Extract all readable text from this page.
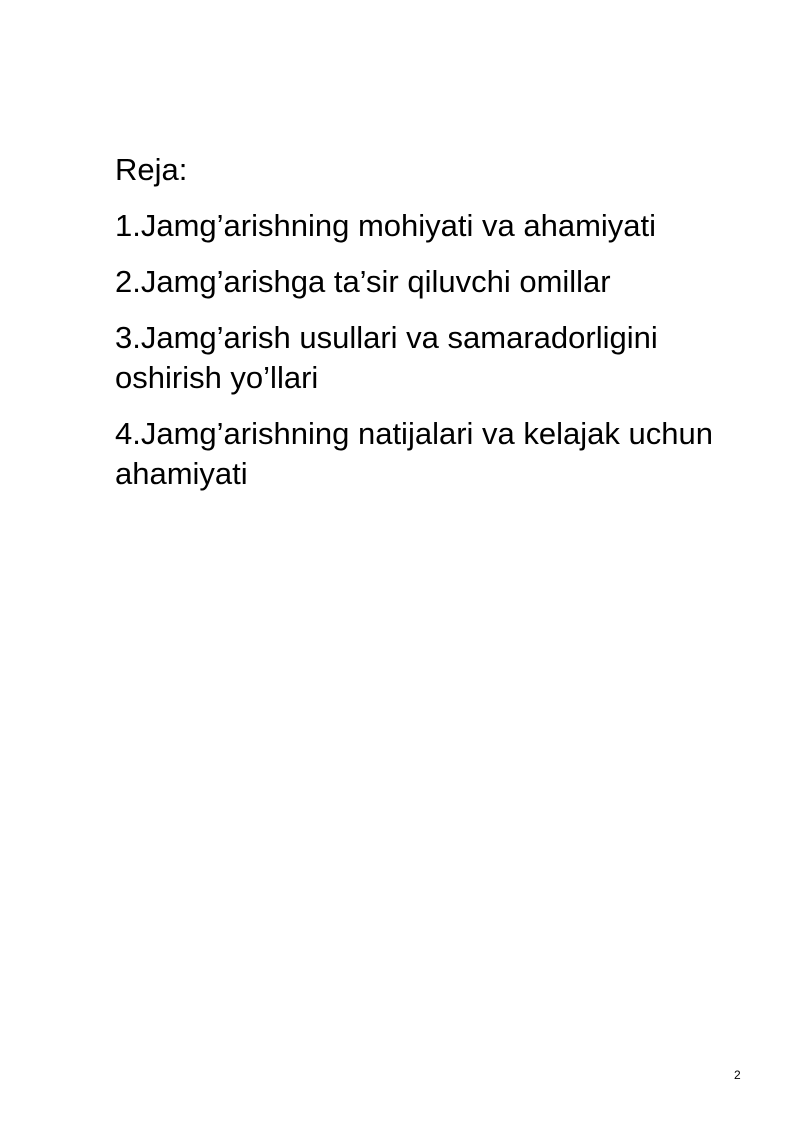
Reja:
1.Jamg’arishning mohiyati va ahamiyati
2.Jamg’arishga ta’sir qiluvchi omillar
3.Jamg’arish usullari va samaradorligini oshirish yo’llari
4.Jamg’arishning natijalari va kelajak uchun ahamiyati
2
